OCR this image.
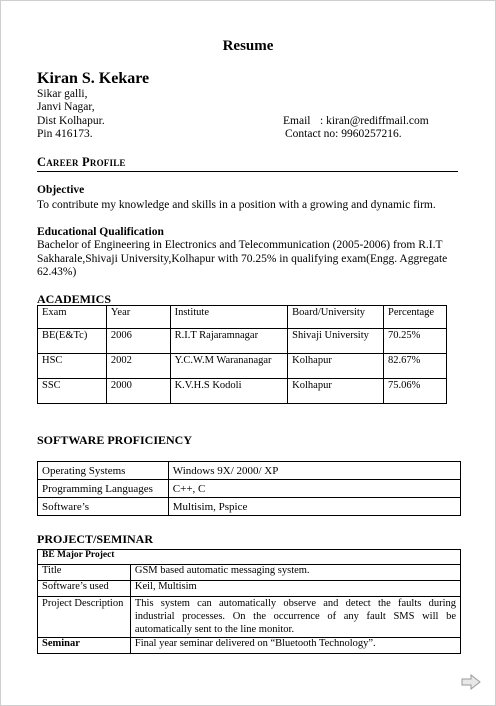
Resume
Kiran S. Kekare
Sikar galli,
Janvi Nagar,
Dist Kolhapur.
Pin 416173.
Email : kiran@rediffmail.com
Contact no: 9960257216.
Career Profile
Objective
To contribute my knowledge and skills in a position with a growing and dynamic firm.
Educational Qualification
Bachelor of Engineering in Electronics and Telecommunication (2005-2006) from R.I.T Sakharale,Shivaji University,Kolhapur with 70.25% in qualifying exam(Engg. Aggregate 62.43%)
ACADEMICS
Exam	Year	Institute	Board/University	Percentage
BE(E&Tc)	2006	R.I.T Rajaramnagar	Shivaji University	70.25%
HSC	2002	Y.C.W.M Warananagar	Kolhapur	82.67%
SSC	2000	K.V.H.S Kodoli	Kolhapur	75.06%
SOFTWARE PROFICIENCY
Operating Systems	Windows 9X/ 2000/ XP
Programming Languages	C++, C
Software’s	Multisim, Pspice
PROJECT/SEMINAR
BE Major Project	
Title	GSM based automatic messaging system.
Software’s used	Keil, Multisim
Project Description	This system can automatically observe and detect the faults during industrial processes. On the occurrence of any fault SMS will be automatically sent to the line monitor.
Seminar	Final year seminar delivered on “Bluetooth Technology”.
